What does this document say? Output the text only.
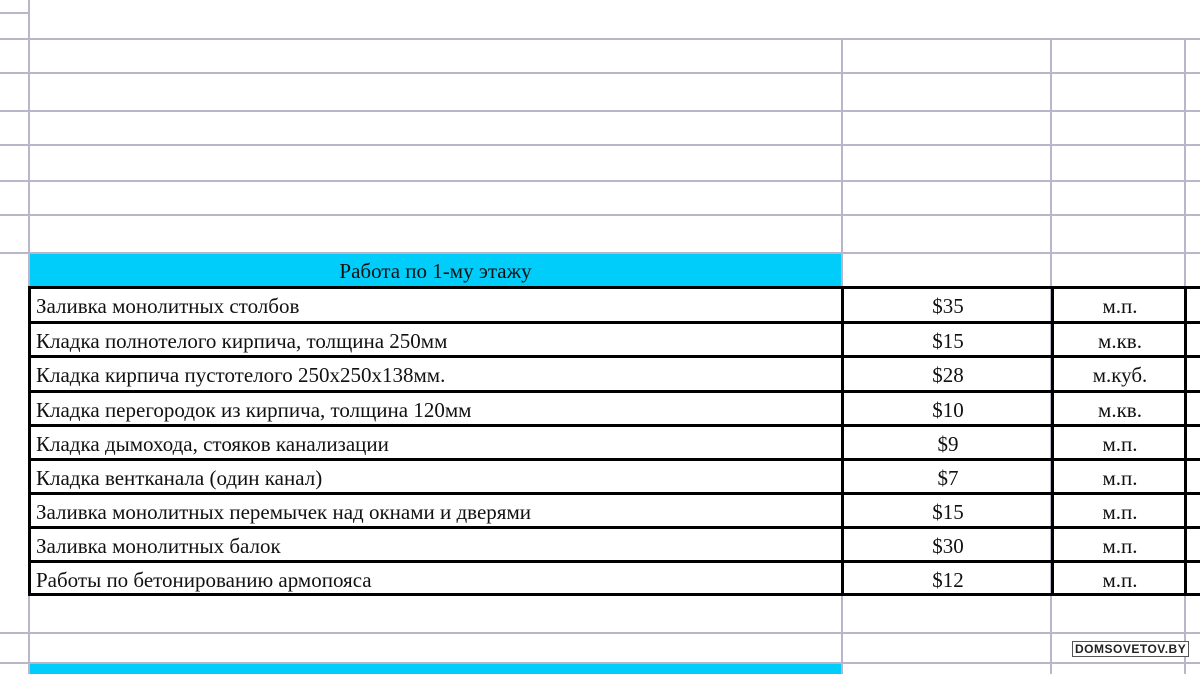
Работа по 1-му этажу
Заливка монолитных столбов	$35	м.п.
Кладка полнотелого кирпича, толщина 250мм	$15	м.кв.
Кладка кирпича пустотелого 250х250х138мм.	$28	м.куб.
Кладка перегородок из кирпича, толщина 120мм	$10	м.кв.
Кладка дымохода, стояков канализации	$9	м.п.
Кладка вентканала (один канал)	$7	м.п.
Заливка монолитных перемычек над окнами и дверями	$15	м.п.
Заливка монолитных балок	$30	м.п.
Работы по бетонированию армопояса	$12	м.п.
DOMSOVETOV.BY
